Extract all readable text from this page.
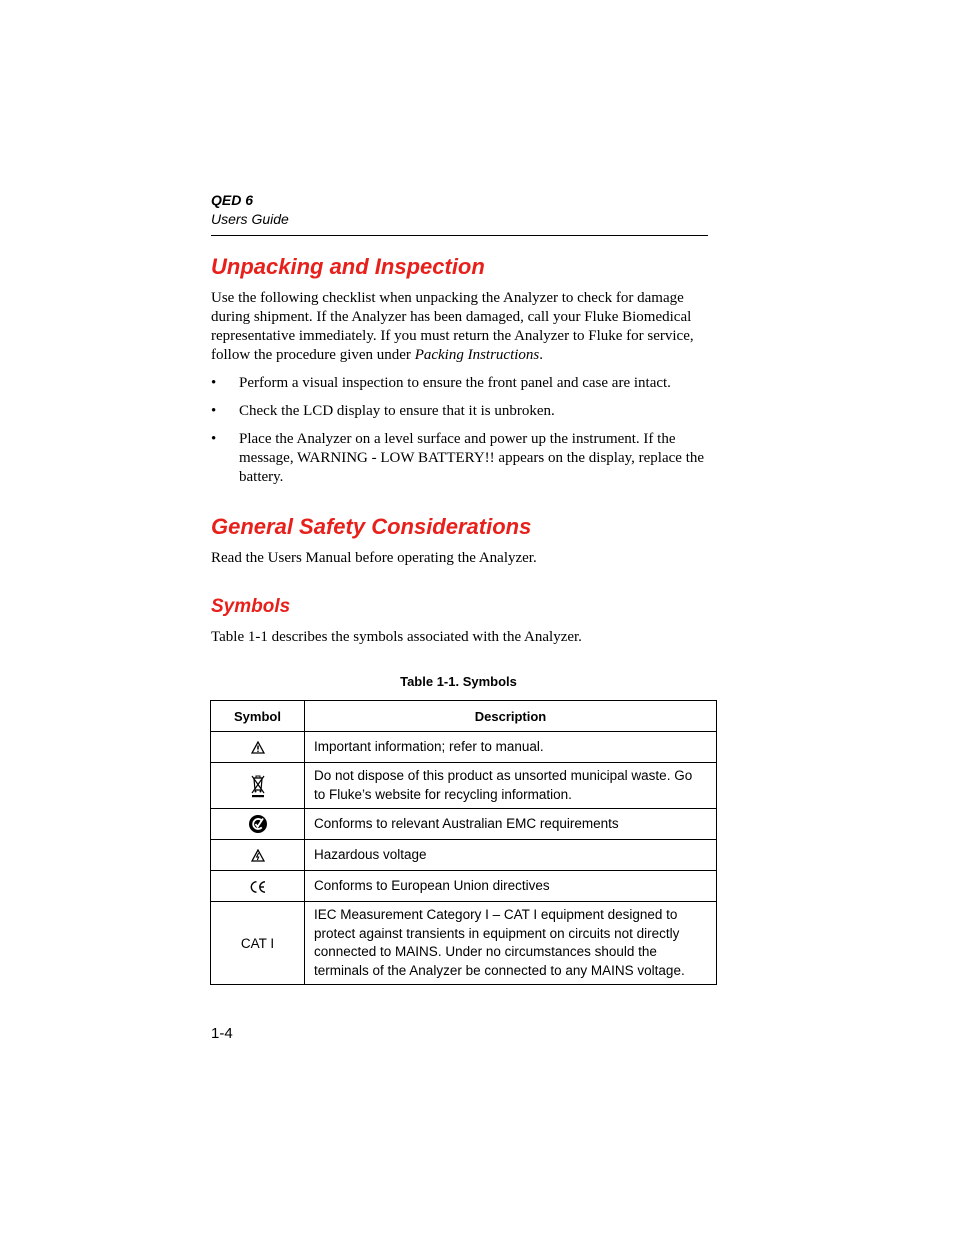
QED 6
Users Guide
Unpacking and Inspection

Use the following checklist when unpacking the Analyzer to check for damage during shipment. If the Analyzer has been damaged, call your Fluke Biomedical representative immediately. If you must return the Analyzer to Fluke for service, follow the procedure given under Packing Instructions.

• Perform a visual inspection to ensure the front panel and case are intact.
• Check the LCD display to ensure that it is unbroken.
• Place the Analyzer on a level surface and power up the instrument. If the message, WARNING - LOW BATTERY!! appears on the display, replace the battery.
General Safety Considerations

Read the Users Manual before operating the Analyzer.

Symbols

Table 1-1 describes the symbols associated with the Analyzer.

Table 1-1. Symbols
Symbol	Description
	Important information; refer to manual.
	Do not dispose of this product as unsorted municipal waste. Go to Fluke’s website for recycling information.
	Conforms to relevant Australian EMC requirements
	Hazardous voltage
	Conforms to European Union directives
CAT I	IEC Measurement Category I – CAT I equipment designed to protect against transients in equipment on circuits not directly connected to MAINS. Under no circumstances should the terminals of the Analyzer be connected to any MAINS voltage.
1-4
